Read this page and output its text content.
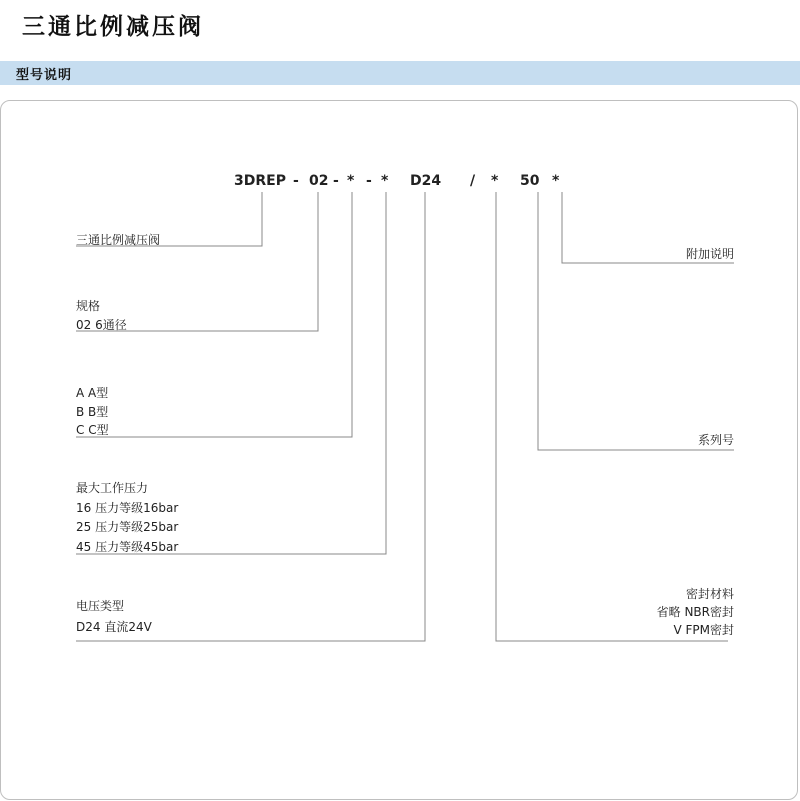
三通比例减压阀
型号说明
3DREP - 02 - * - * D24 / * 50 *
三通比例减压阀
规格
02 6通径
A A型
B B型
C C型
最大工作压力
16 压力等级16bar
25 压力等级25bar
45 压力等级45bar
电压类型
D24 直流24V
附加说明
系列号
密封材料
省略 NBR密封
V FPM密封
